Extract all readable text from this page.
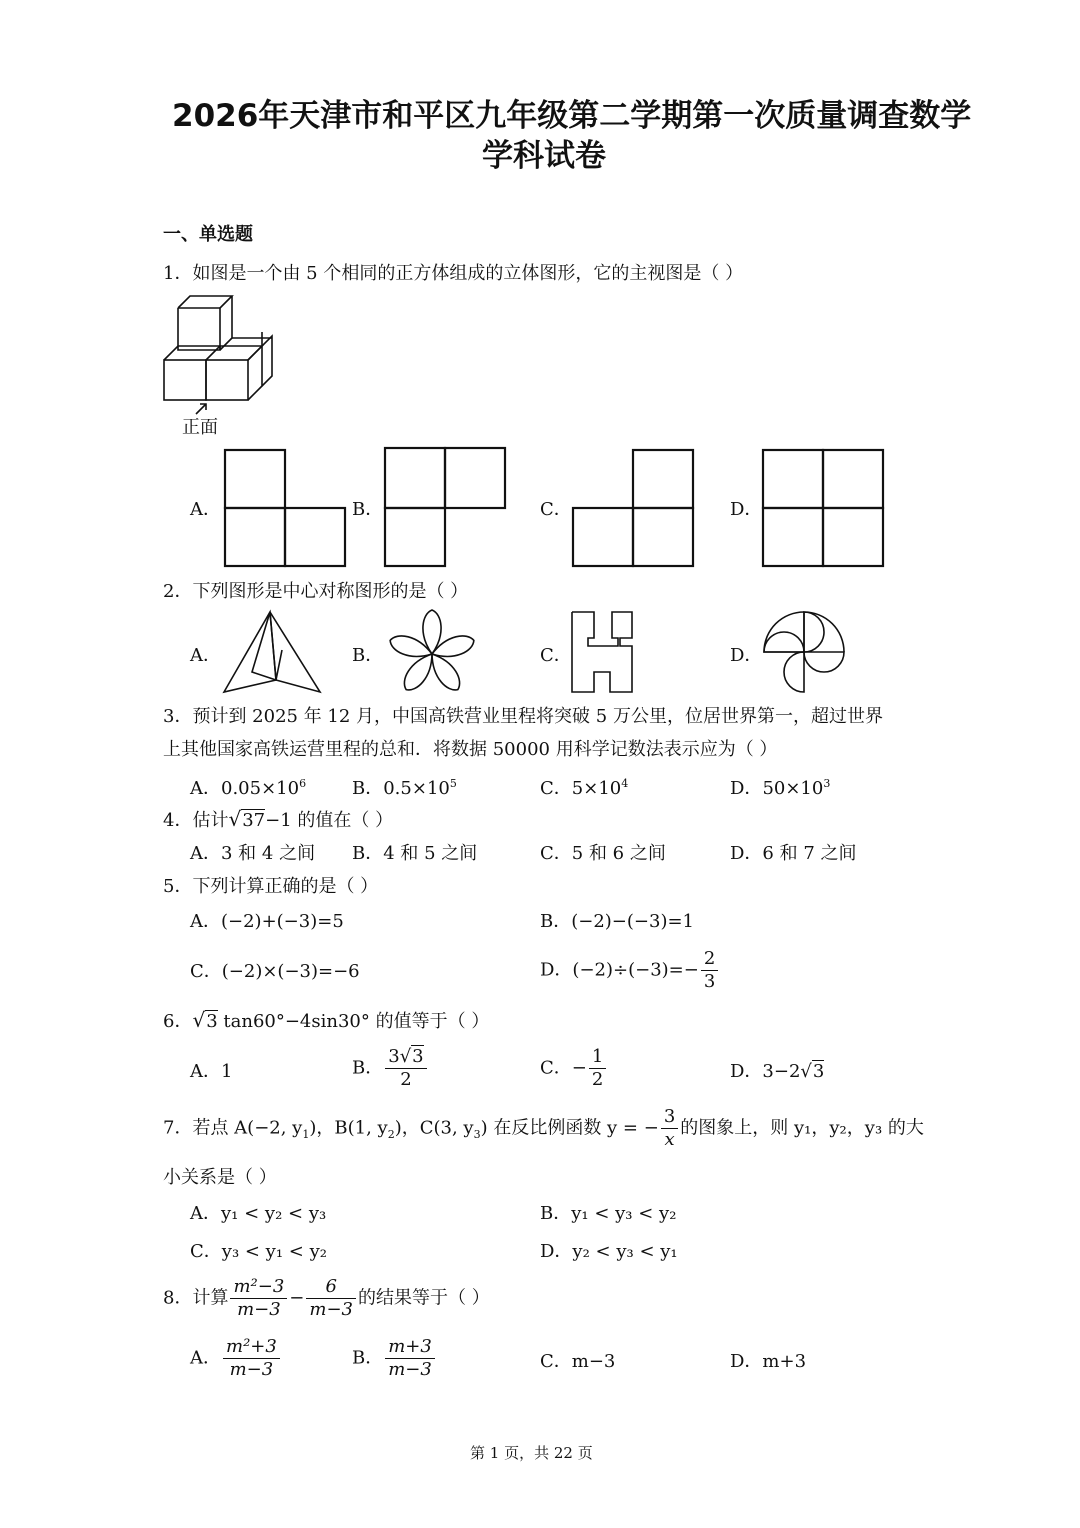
2026年天津市和平区九年级第二学期第一次质量调查数学
学科试卷
一、单选题
1．如图是一个由 5 个相同的正方体组成的立体图形，它的主视图是（ ）
正面
A．	B．	C．	D．
2．下列图形是中心对称图形的是（ ）
A．	B．	C．	D．
3．预计到 2025 年 12 月，中国高铁营业里程将突破 5 万公里，位居世界第一，超过世界
上其他国家高铁运营里程的总和．将数据 50000 用科学记数法表示应为（ ）
A．$0.05\times 10^6$	B．$0.5\times 10^5$	C．$5\times 10^4$	D．$50\times 10^3$
4．估计√37−1 的值在（ ）
A．3 和 4 之间 B．4 和 5 之间	C．5 和 6 之间	D．6 和 7 之间
5．下列计算正确的是（ ）
A．(−2)+(−3)=5	B．(−2)−(−3)=1
C．(−2)×(−3)=−6	D．$(-2)\div(-3)=- \frac{2}{3}$
6．√3 tan60°−4sin30° 的值等于（ ）
A．1	B． $\frac{3√3}{2}$	C．− $\frac{1}{2}$	D．3−2√3
7．若点 A(−2, $y_1$)，B(1, $y_2$)，C(3, $y_3$) 在反比例函数 y = − $\frac{3}{x}$ 的图象上，则 y₁，y₂，y₃ 的大
小关系是（ ）
A．y₁ < y₂ < y₃	B．y₁ < y₃ < y₂
C．y₃ < y₁ < y₂	D．y₂ < y₃ < y₁
8．计算 $\frac{\text{m²−3}}{m-3} - \frac{6}{m-3}$ 的结果等于（ ）
A． $\frac{\text{m²+3}}{m-3}$	B． $\frac{m+3}{m-3}$	C．m−3	D．m+3
第 1 页，共 22 页
